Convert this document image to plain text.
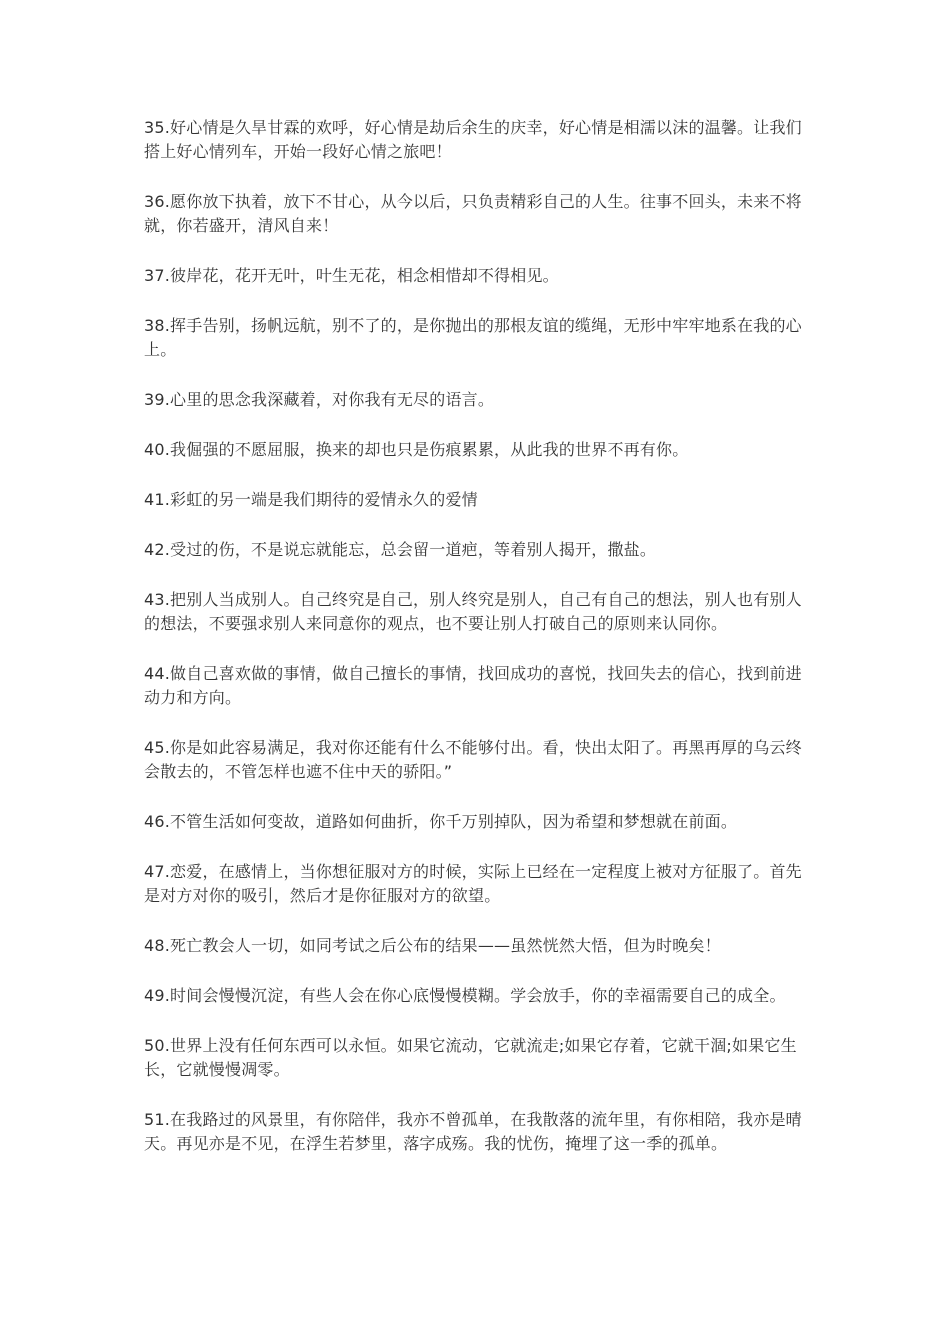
35.好心情是久旱甘霖的欢呼，好心情是劫后余生的庆幸，好心情是相濡以沫的温馨。让我们搭上好心情列车，开始一段好心情之旅吧！

36.愿你放下执着，放下不甘心，从今以后，只负责精彩自己的人生。往事不回头，未来不将就，你若盛开，清风自来！

37.彼岸花，花开无叶，叶生无花，相念相惜却不得相见。

38.挥手告别，扬帆远航，别不了的，是你抛出的那根友谊的缆绳，无形中牢牢地系在我的心上。

39.心里的思念我深藏着，对你我有无尽的语言。

40.我倔强的不愿屈服，换来的却也只是伤痕累累，从此我的世界不再有你。

41.彩虹的另一端是我们期待的爱情永久的爱情

42.受过的伤，不是说忘就能忘，总会留一道疤，等着别人揭开，撒盐。

43.把别人当成别人。自己终究是自己，别人终究是别人，自己有自己的想法，别人也有别人的想法，不要强求别人来同意你的观点，也不要让别人打破自己的原则来认同你。

44.做自己喜欢做的事情，做自己擅长的事情，找回成功的喜悦，找回失去的信心，找到前进动力和方向。

45.你是如此容易满足，我对你还能有什么不能够付出。看，快出太阳了。再黑再厚的乌云终会散去的，不管怎样也遮不住中天的骄阳。”

46.不管生活如何变故，道路如何曲折，你千万别掉队，因为希望和梦想就在前面。

47.恋爱，在感情上，当你想征服对方的时候，实际上已经在一定程度上被对方征服了。首先是对方对你的吸引，然后才是你征服对方的欲望。

48.死亡教会人一切，如同考试之后公布的结果——虽然恍然大悟，但为时晚矣！

49.时间会慢慢沉淀，有些人会在你心底慢慢模糊。学会放手，你的幸福需要自己的成全。

50.世界上没有任何东西可以永恒。如果它流动，它就流走;如果它存着，它就干涸;如果它生长，它就慢慢凋零。

51.在我路过的风景里，有你陪伴，我亦不曾孤单，在我散落的流年里，有你相陪，我亦是晴天。再见亦是不见，在浮生若梦里，落字成殇。我的忧伤，掩埋了这一季的孤单。
